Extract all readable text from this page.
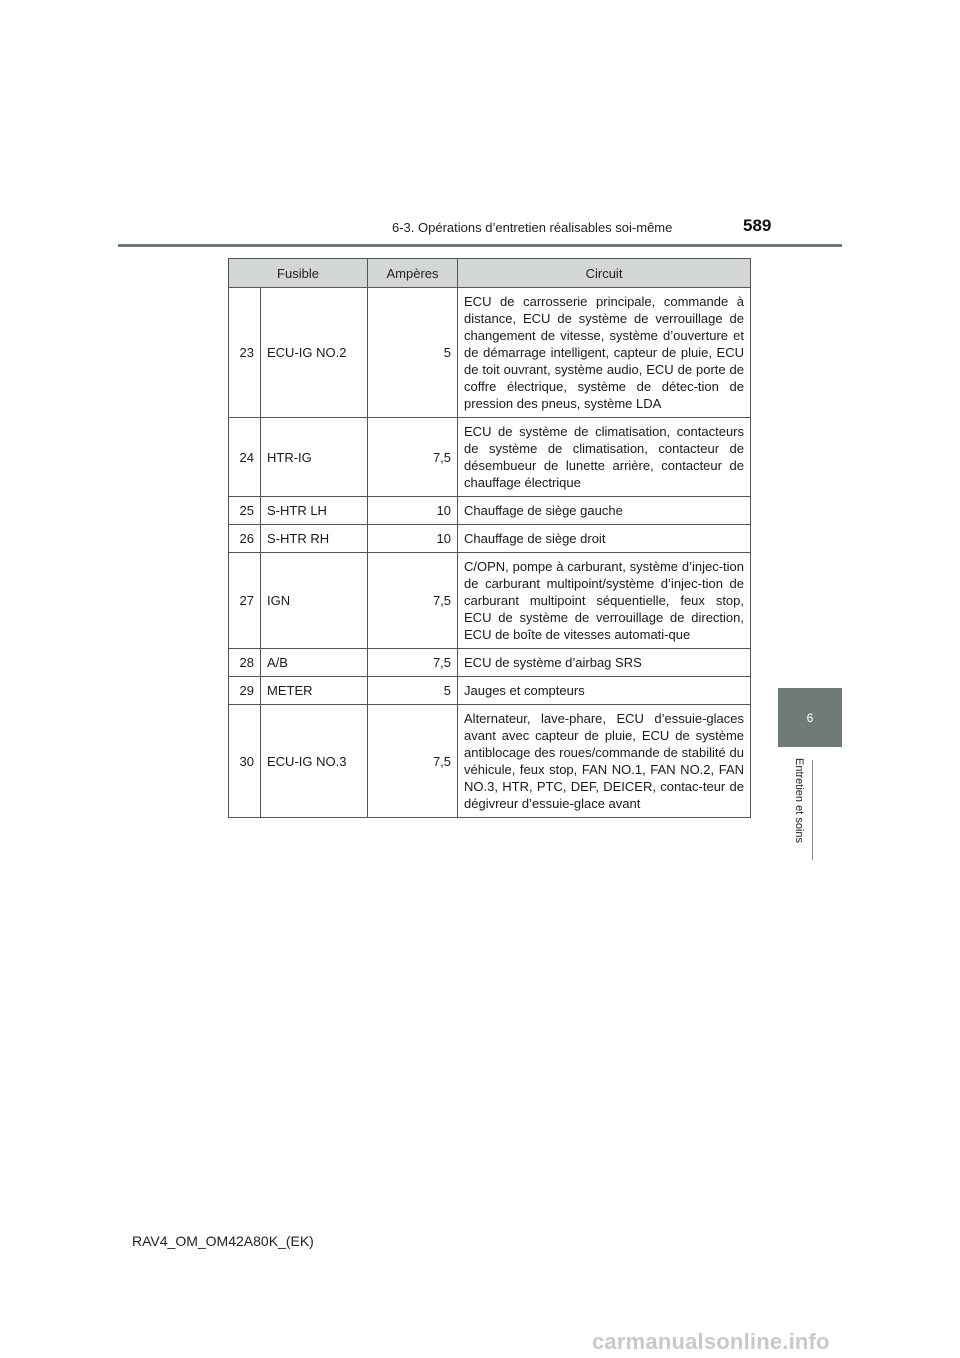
6-3. Opérations d’entretien réalisables soi-même	589
6
Entretien et soins
Fusible		Ampères	Circuit
23	ECU-IG NO.2	5	ECU de carrosserie principale, commande à distance, ECU de système de verrouillage de changement de vitesse, système d’ouverture et de démarrage intelligent, capteur de pluie, ECU de toit ouvrant, système audio, ECU de porte de coffre électrique, système de détec-tion de pression des pneus, système LDA
24	HTR-IG	7,5	ECU de système de climatisation, contacteurs de système de climatisation, contacteur de désembueur de lunette arrière, contacteur de chauffage électrique
25	S-HTR LH	10	Chauffage de siège gauche
26	S-HTR RH	10	Chauffage de siège droit
27	IGN	7,5	C/OPN, pompe à carburant, système d’injec-tion de carburant multipoint/système d’injec-tion de carburant multipoint séquentielle, feux stop, ECU de système de verrouillage de direction, ECU de boîte de vitesses automati-que
28	A/B	7,5	ECU de système d’airbag SRS
29	METER	5	Jauges et compteurs
30	ECU-IG NO.3	7,5	Alternateur, lave-phare, ECU d’essuie-glaces avant avec capteur de pluie, ECU de système antiblocage des roues/commande de stabilité du véhicule, feux stop, FAN NO.1, FAN NO.2, FAN NO.3, HTR, PTC, DEF, DEICER, contac-teur de dégivreur d’essuie-glace avant
RAV4_OM_OM42A80K_(EK)
carmanualsonline.info
